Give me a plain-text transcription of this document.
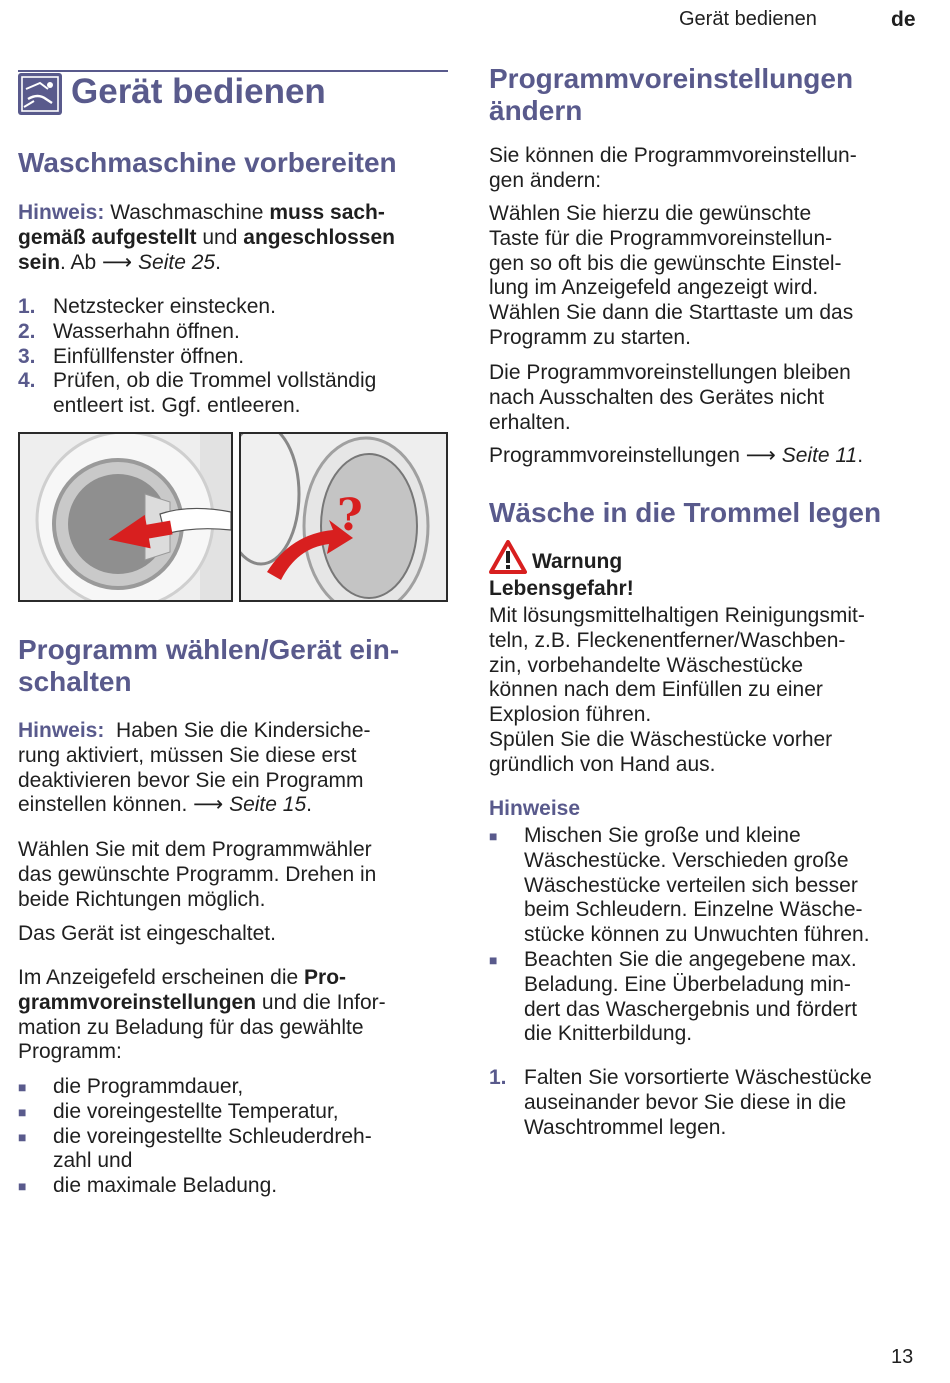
Gerät bedienen	de
Gerät bedienen
Waschmaschine vorbereiten
Hinweis: Waschmaschine muss sach-
gemäß aufgestellt und angeschlossen
sein. Ab ⟶ Seite 25.
1. Netzstecker einstecken.
2. Wasserhahn öffnen.
3. Einfüllfenster öffnen.
4. Prüfen, ob die Trommel vollständig
entleert ist. Ggf. entleeren.
?
Programm wählen/Gerät ein-
schalten
Hinweis: Haben Sie die Kindersiche-
rung aktiviert, müssen Sie diese erst
deaktivieren bevor Sie ein Programm
einstellen können. ⟶ Seite 15.
Wählen Sie mit dem Programmwähler
das gewünschte Programm. Drehen in
beide Richtungen möglich.
Das Gerät ist eingeschaltet.
Im Anzeigefeld erscheinen die Pro-
grammvoreinstellungen und die Infor-
mation zu Beladung für das gewählte
Programm:
■ die Programmdauer,
■ die voreingestellte Temperatur,
■ die voreingestellte Schleuderdreh-
zahl und
■ die maximale Beladung.
Programmvoreinstellungen
ändern
Sie können die Programmvoreinstellun-
gen ändern:
Wählen Sie hierzu die gewünschte
Taste für die Programmvoreinstellun-
gen so oft bis die gewünschte Einstel-
lung im Anzeigefeld angezeigt wird.
Wählen Sie dann die Starttaste um das
Programm zu starten.
Die Programmvoreinstellungen bleiben
nach Ausschalten des Gerätes nicht
erhalten.
Programmvoreinstellungen ⟶ Seite 11.
Wäsche in die Trommel legen
Warnung
Lebensgefahr!
Mit lösungsmittelhaltigen Reinigungsmit-
teln, z.B. Fleckenentferner/Waschben-
zin, vorbehandelte Wäschestücke
können nach dem Einfüllen zu einer
Explosion führen.
Spülen Sie die Wäschestücke vorher
gründlich von Hand aus.
Hinweise
■ Mischen Sie große und kleine
Wäschestücke. Verschieden große
Wäschestücke verteilen sich besser
beim Schleudern. Einzelne Wäsche-
stücke können zu Unwuchten führen.
■ Beachten Sie die angegebene max.
Beladung. Eine Überbeladung min-
dert das Waschergebnis und fördert
die Knitterbildung.
1. Falten Sie vorsortierte Wäschestücke
auseinander bevor Sie diese in die
Waschtrommel legen.
13
